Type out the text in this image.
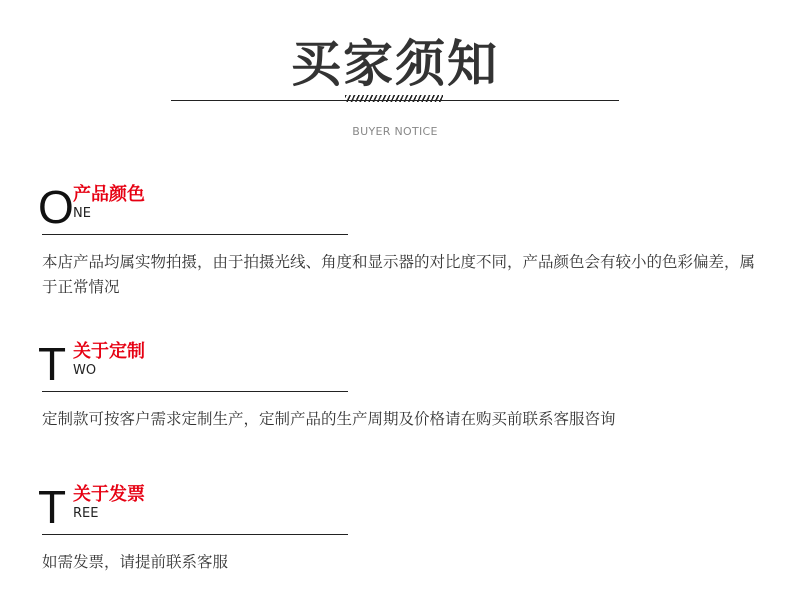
买家须知
BUYER NOTICE
O 产品颜色
NE
本店产品均属实物拍摄，由于拍摄光线、角度和显示器的对比度不同，产品颜色会有较小的色彩偏差，属于正常情况
T 关于定制
WO
定制款可按客户需求定制生产，定制产品的生产周期及价格请在购买前联系客服咨询
T 关于发票
REE
如需发票，请提前联系客服
